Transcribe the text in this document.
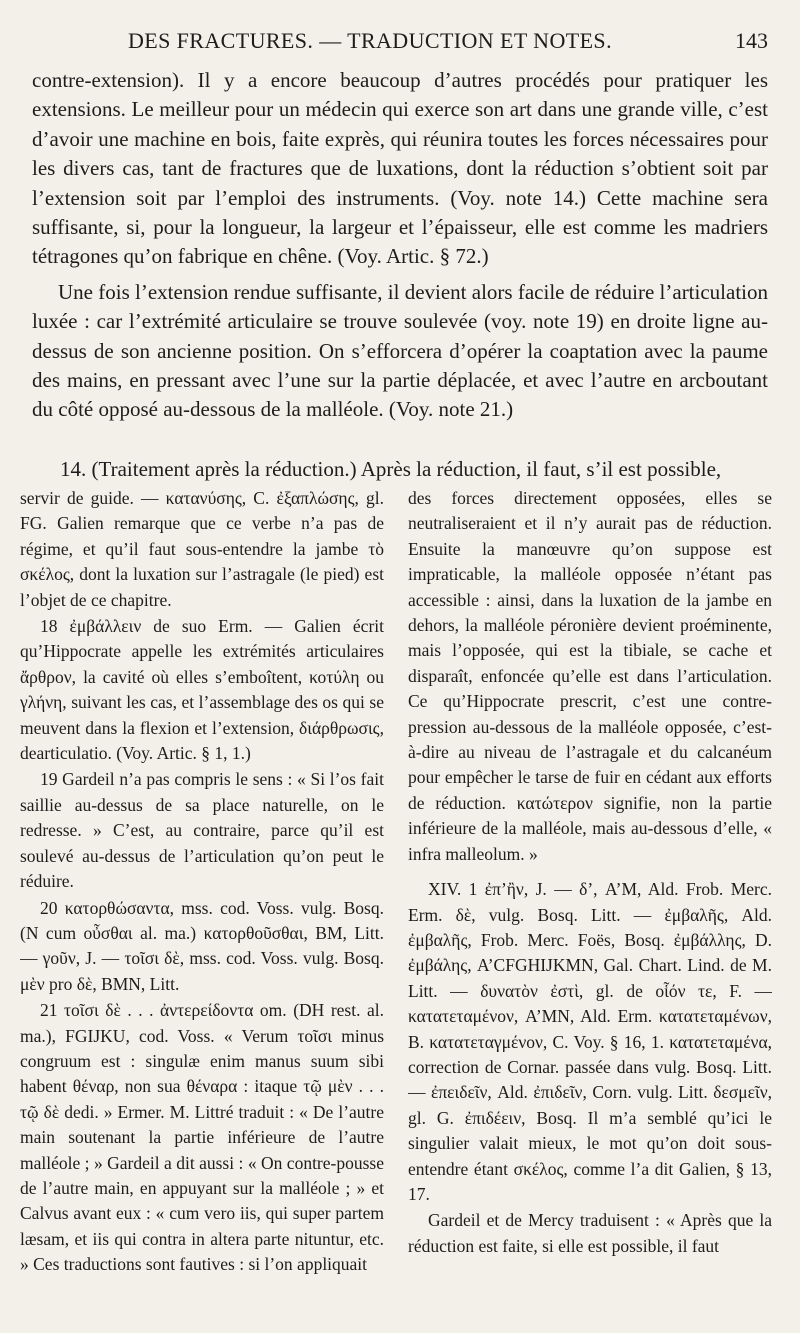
DES FRACTURES. — TRADUCTION ET NOTES.	143

contre-extension). Il y a encore beaucoup d’autres procédés pour pratiquer les extensions. Le meilleur pour un médecin qui exerce son art dans une grande ville, c’est d’avoir une machine en bois, faite exprès, qui réunira toutes les forces nécessaires pour les divers cas, tant de fractures que de luxations, dont la réduction s’obtient soit par l’extension soit par l’emploi des instruments. (Voy. note 14.) Cette machine sera suffisante, si, pour la longueur, la largeur et l’épaisseur, elle est comme les madriers tétragones qu’on fabrique en chêne. (Voy. Artic. § 72.)

Une fois l’extension rendue suffisante, il devient alors facile de réduire l’articulation luxée : car l’extrémité articulaire se trouve soulevée (voy. note 19) en droite ligne au-dessus de son ancienne position. On s’efforcera d’opérer la coaptation avec la paume des mains, en pressant avec l’une sur la partie déplacée, et avec l’autre en arcboutant du côté opposé au-dessous de la malléole. (Voy. note 21.)

14. (Traitement après la réduction.) Après la réduction, il faut, s’il est possible,

servir de guide. — κατανύσης, C. ἐξαπλώσης, gl. FG. Galien remarque que ce verbe n’a pas de régime, et qu’il faut sous-entendre la jambe τὸ σκέλος, dont la luxation sur l’astragale (le pied) est l’objet de ce chapitre.

18 ἐμβάλλειν de suo Erm. — Galien écrit qu’Hippocrate appelle les extrémités articulaires ἄρθρον, la cavité où elles s’emboîtent, κοτύλη ou γλήνη, suivant les cas, et l’assemblage des os qui se meuvent dans la flexion et l’extension, διάρθρωσις, dearticulatio. (Voy. Artic. § 1, 1.)

19 Gardeil n’a pas compris le sens : « Si l’os fait saillie au-dessus de sa place naturelle, on le redresse. » C’est, au contraire, parce qu’il est soulevé au-dessus de l’articulation qu’on peut le réduire.

20 κατορθώσαντα, mss. cod. Voss. vulg. Bosq. (N cum οὖσθαι al. ma.) κατορθοῦσθαι, BM, Litt. — γοῦν, J. — τοῖσι δὲ, mss. cod. Voss. vulg. Bosq. μὲν pro δὲ, BMN, Litt.

21 τοῖσι δὲ . . . ἀντερείδοντα om. (DH rest. al. ma.), FGIJKU, cod. Voss. « Verum τοῖσι minus congruum est : singulæ enim manus suum sibi habent θέναρ, non sua θέναρα : itaque τῷ μὲν . . . τῷ δὲ dedi. » Ermer. M. Littré traduit : « De l’autre main soutenant la partie inférieure de l’autre malléole ; » Gardeil a dit aussi : « On contre-pousse de l’autre main, en appuyant sur la malléole ; » et Calvus avant eux : « cum vero iis, qui super partem læsam, et iis qui contra in altera parte nituntur, etc. » Ces traductions sont fautives : si l’on appliquait

des forces directement opposées, elles se neutraliseraient et il n’y aurait pas de réduction. Ensuite la manœuvre qu’on suppose est impraticable, la malléole opposée n’étant pas accessible : ainsi, dans la luxation de la jambe en dehors, la malléole péronière devient proéminente, mais l’opposée, qui est la tibiale, se cache et disparaît, enfoncée qu’elle est dans l’articulation. Ce qu’Hippocrate prescrit, c’est une contre-pression au-dessous de la malléole opposée, c’est-à-dire au niveau de l’astragale et du calcanéum pour empêcher le tarse de fuir en cédant aux efforts de réduction. κατώτερον signifie, non la partie inférieure de la malléole, mais au-dessous d’elle, « infra malleolum. »

XIV. 1 ἐπ’ἢν, J. — δ’, A’M, Ald. Frob. Merc. Erm. δὲ, vulg. Bosq. Litt. — ἐμβαλῆς, Ald. ἐμβαλῆς, Frob. Merc. Foës, Bosq. ἐμβάλλης, D. ἐμβάλης, A’CFGHIJKMN, Gal. Chart. Lind. de M. Litt. — δυνατὸν ἐστὶ, gl. de οἷόν τε, F. — κατατεταμένον, A’MN, Ald. Erm. κατατεταμένων, B. κατατεταγμένον, C. Voy. § 16, 1. κατατεταμένα, correction de Cornar. passée dans vulg. Bosq. Litt. — ἐπειδεῖν, Ald. ἐπιδεῖν, Corn. vulg. Litt. δεσμεῖν, gl. G. ἐπιδέειν, Bosq. Il m’a semblé qu’ici le singulier valait mieux, le mot qu’on doit sous-entendre étant σκέλος, comme l’a dit Galien, § 13, 17.

Gardeil et de Mercy traduisent : « Après que la réduction est faite, si elle est possible, il faut
